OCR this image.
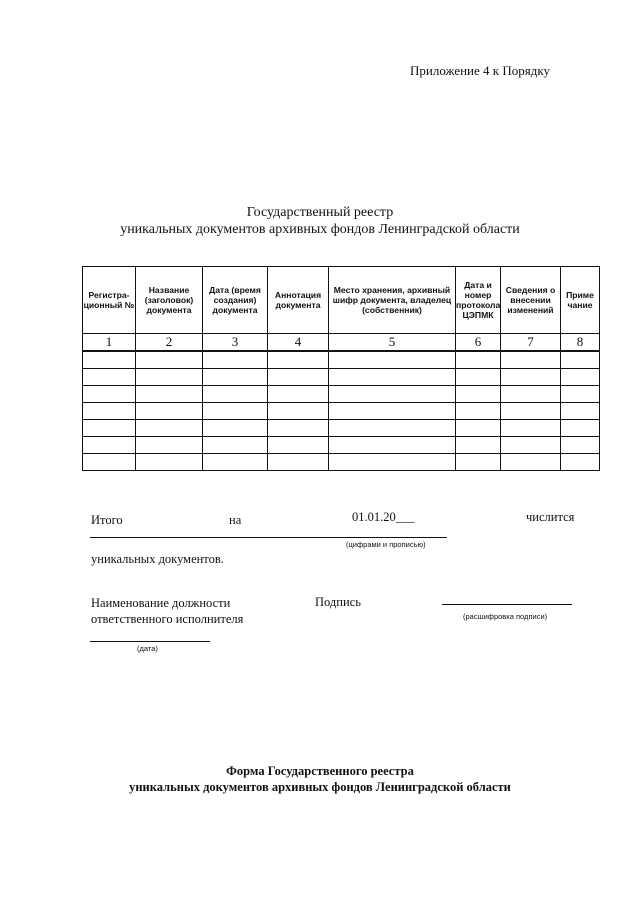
Приложение 4 к Порядку
Государственный реестр
уникальных документов архивных фондов Ленинградской области
Регистра-ционный №	Название (заголовок) документа	Дата (время создания) документа	Аннотация документа	Место хранения, архивный шифр документа, владелец (собственник)	Дата и номер протокола ЦЭПМК	Сведения о внесении изменений	Приме чание
1	2	3	4	5	6	7	8

Итого	на	01.01.20___	числится
(цифрами и прописью)
уникальных документов.
Наименование должности
ответственного исполнителя
Подпись
(расшифровка подписи)
(дата)
Форма Государственного реестра
уникальных документов архивных фондов Ленинградской области
